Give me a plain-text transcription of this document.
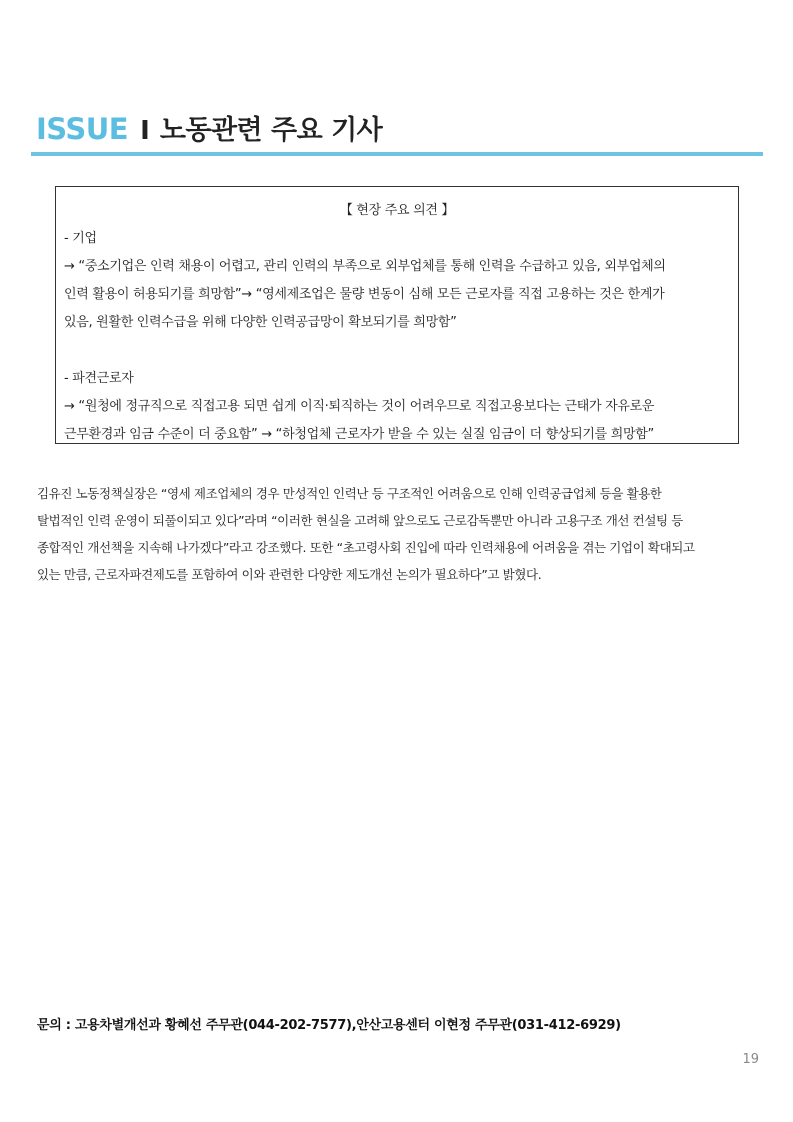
ISSUE I 노동관련 주요 기사

【 현장 주요 의견 】

- 기업

→ “중소기업은 인력 채용이 어렵고, 관리 인력의 부족으로 외부업체를 통해 인력을 수급하고 있음, 외부업체의

인력 활용이 허용되기를 희망함”→ “영세제조업은 물량 변동이 심해 모든 근로자를 직접 고용하는 것은 한계가

있음, 원활한 인력수급을 위해 다양한 인력공급망이 확보되기를 희망함”

- 파견근로자

→ “원청에 정규직으로 직접고용 되면 쉽게 이직·퇴직하는 것이 어려우므로 직접고용보다는 근태가 자유로운

근무환경과 임금 수준이 더 중요함” → “하청업체 근로자가 받을 수 있는 실질 임금이 더 향상되기를 희망함”

김유진 노동정책실장은 “영세 제조업체의 경우 만성적인 인력난 등 구조적인 어려움으로 인해 인력공급업체 등을 활용한

탈법적인 인력 운영이 되풀이되고 있다”라며 “이러한 현실을 고려해 앞으로도 근로감독뿐만 아니라 고용구조 개선 컨설팅 등

종합적인 개선책을 지속해 나가겠다”라고 강조했다. 또한 “초고령사회 진입에 따라 인력채용에 어려움을 겪는 기업이 확대되고

있는 만큼, 근로자파견제도를 포함하여 이와 관련한 다양한 제도개선 논의가 필요하다”고 밝혔다.

문의 : 고용차별개선과 황혜선 주무관(044-202-7577),안산고용센터 이현정 주무관(031-412-6929)
19
